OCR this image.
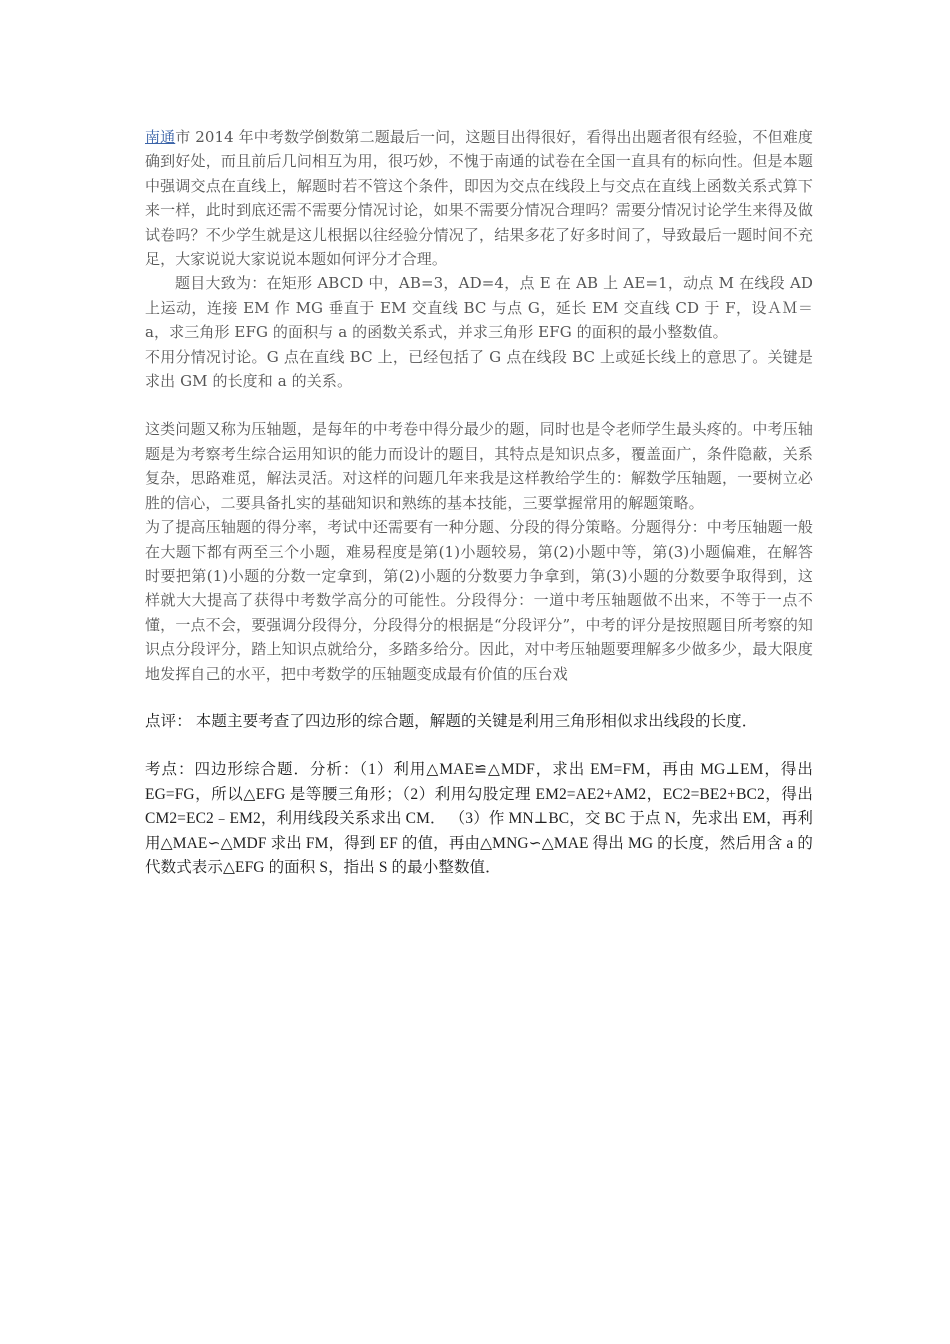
南通市 2014 年中考数学倒数第二题最后一问，这题目出得很好，看得出出题者很有经验，不但难度确到好处，而且前后几问相互为用，很巧妙，不愧于南通的试卷在全国一直具有的标向性。但是本题中强调交点在直线上，解题时若不管这个条件，即因为交点在线段上与交点在直线上函数关系式算下来一样，此时到底还需不需要分情况讨论，如果不需要分情况合理吗？需要分情况讨论学生来得及做试卷吗？不少学生就是这儿根据以往经验分情况了，结果多花了好多时间了，导致最后一题时间不充足，大家说说大家说说本题如何评分才合理。

题目大致为：在矩形 ABCD 中，AB=3，AD=4，点 E 在 AB 上 AE=1，动点 M 在线段 AD 上运动，连接 EM 作 MG 垂直于 EM 交直线 BC 与点 G，延长 EM 交直线 CD 于 F，设ＡＭ＝a，求三角形 EFG 的面积与 a 的函数关系式，并求三角形 EFG 的面积的最小整数值。

不用分情况讨论。G 点在直线 BC 上，已经包括了 G 点在线段 BC 上或延长线上的意思了。关键是求出 GM 的长度和 a 的关系。

这类问题又称为压轴题，是每年的中考卷中得分最少的题，同时也是令老师学生最头疼的。中考压轴题是为考察考生综合运用知识的能力而设计的题目，其特点是知识点多，覆盖面广，条件隐蔽，关系复杂，思路难觅，解法灵活。对这样的问题几年来我是这样教给学生的：解数学压轴题，一要树立必胜的信心，二要具备扎实的基础知识和熟练的基本技能，三要掌握常用的解题策略。

为了提高压轴题的得分率，考试中还需要有一种分题、分段的得分策略。分题得分：中考压轴题一般在大题下都有两至三个小题，难易程度是第(1)小题较易，第(2)小题中等，第(3)小题偏难，在解答时要把第(1)小题的分数一定拿到，第(2)小题的分数要力争拿到，第(3)小题的分数要争取得到，这样就大大提高了获得中考数学高分的可能性。分段得分：一道中考压轴题做不出来，不等于一点不懂，一点不会，要强调分段得分，分段得分的根据是“分段评分”，中考的评分是按照题目所考察的知识点分段评分，踏上知识点就给分，多踏多给分。因此，对中考压轴题要理解多少做多少，最大限度地发挥自己的水平，把中考数学的压轴题变成最有价值的压台戏

点评： 本题主要考查了四边形的综合题，解题的关键是利用三角形相似求出线段的长度．

考点：四边形综合题．分析：（1）利用△MAE≌△MDF，求出 EM=FM，再由 MG⊥EM，得出 EG=FG，所以△EFG 是等腰三角形；（2）利用勾股定理 EM2=AE2+AM2，EC2=BE2+BC2，得出 CM2=EC2﹣EM2，利用线段关系求出 CM． （3）作 MN⊥BC，交 BC 于点 N，先求出 EM，再利用△MAE∽△MDF 求出 FM，得到 EF 的值，再由△MNG∽△MAE 得出 MG 的长度，然后用含 a 的代数式表示△EFG 的面积 S，指出 S 的最小整数值．
